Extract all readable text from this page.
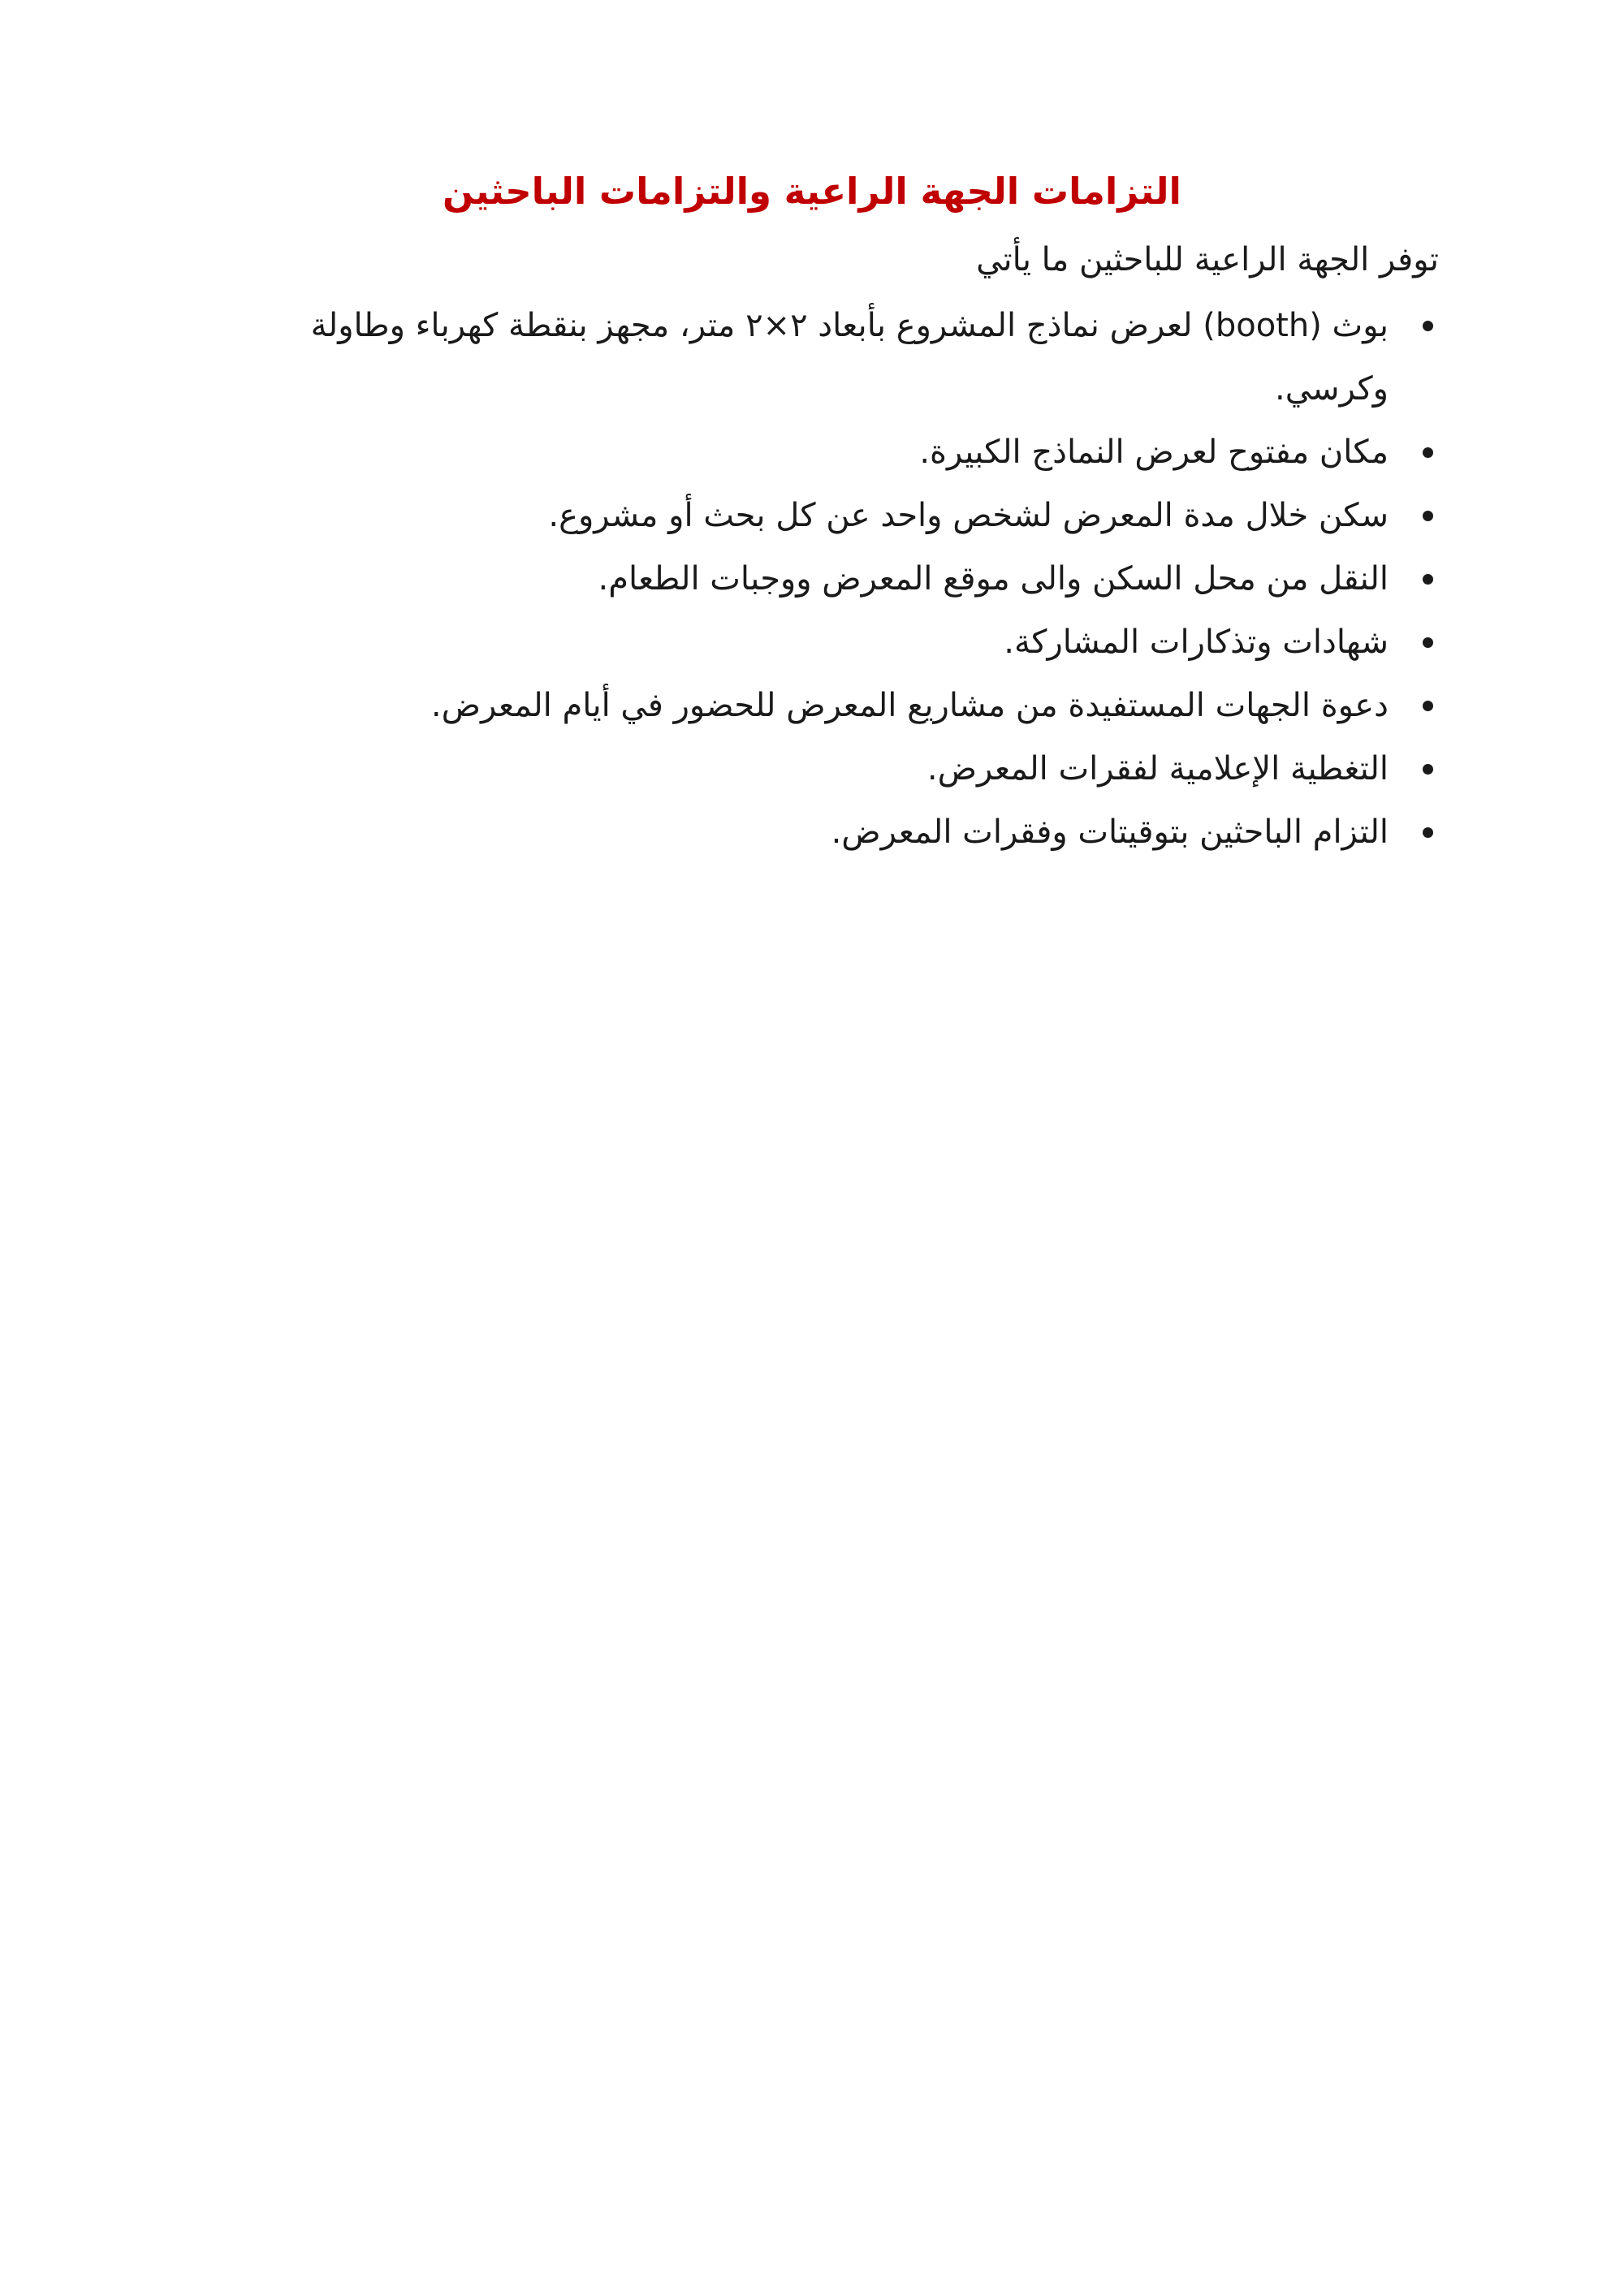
التزامات الجهة الراعية والتزامات الباحثين

توفر الجهة الراعية للباحثين ما يأتي

بوث (booth) لعرض نماذج المشروع بأبعاد ٢×٢ متر، مجهز بنقطة كهرباء وطاولة وكرسي.
مكان مفتوح لعرض النماذج الكبيرة.
سكن خلال مدة المعرض لشخص واحد عن كل بحث أو مشروع.
النقل من محل السكن والى موقع المعرض ووجبات الطعام.
شهادات وتذكارات المشاركة.
دعوة الجهات المستفيدة من مشاريع المعرض للحضور في أيام المعرض.
التغطية الإعلامية لفقرات المعرض.
التزام الباحثين بتوقيتات وفقرات المعرض.
